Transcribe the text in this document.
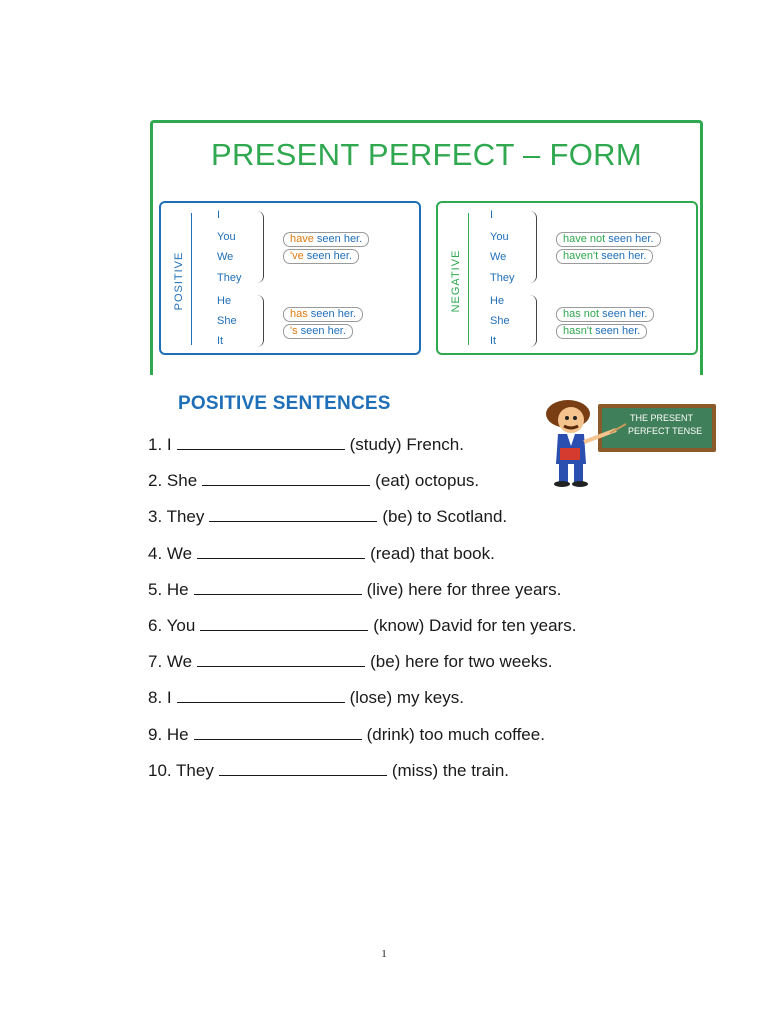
PRESENT PERFECT – FORM
POSITIVE
I
You
We
They
have seen her.
've seen her.
He
She
It
has seen her.
's seen her.
NEGATIVE
I
You
We
They
have not seen her.
haven't seen her.
He
She
It
has not seen her.
hasn't seen her.
POSITIVE SENTENCES
THE PRESENT
PERFECT TENSE
1. I	(study) French.
2. She	(eat) octopus.
3. They	(be) to Scotland.
4. We	(read) that book.
5. He	(live) here for three years.
6. You	(know) David for ten years.
7. We	(be) here for two weeks.
8. I	(lose) my keys.
9. He	(drink) too much coffee.
10. They	(miss) the train.
1
